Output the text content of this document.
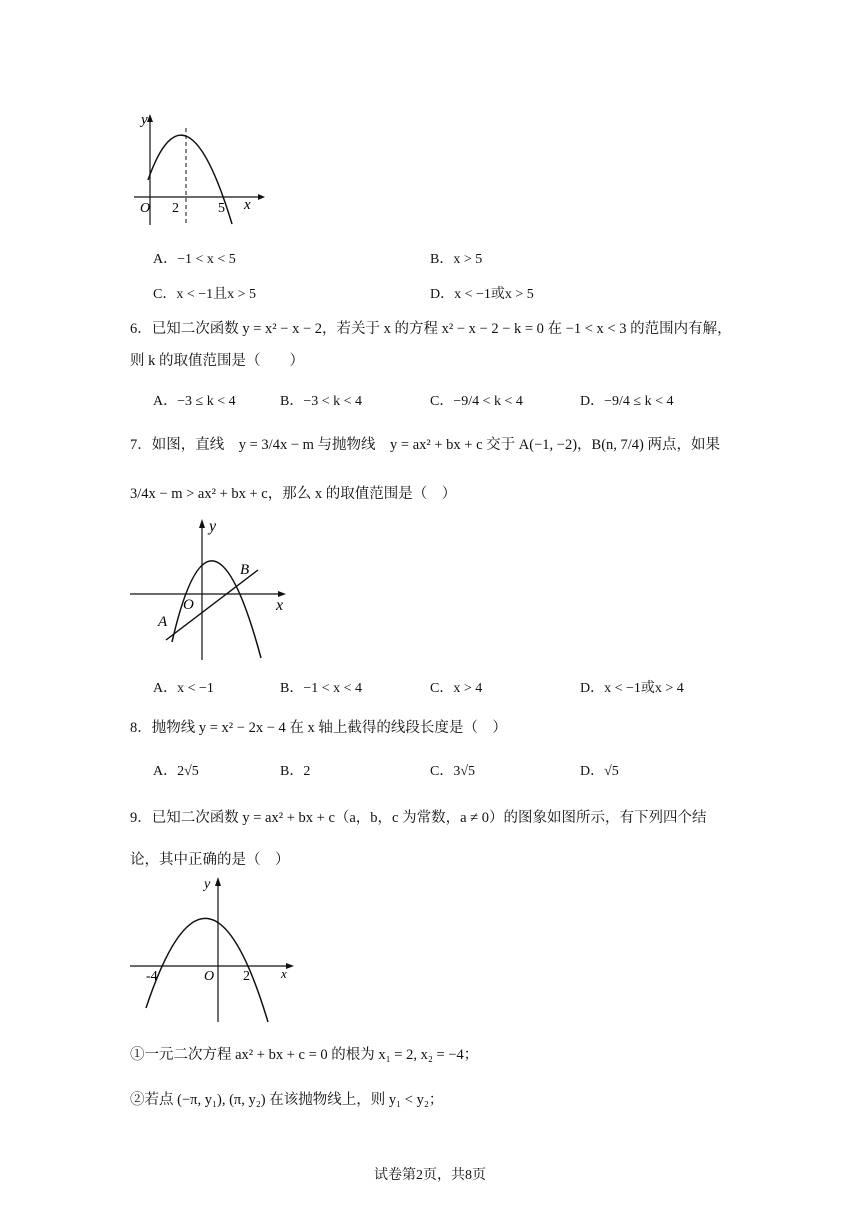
y
x
O 2	5
A．−1 < x < 5	B．x > 5
C．x < −1且x > 5	D．x < −1或x > 5
6．已知二次函数 y = x² − x − 2，若关于 x 的方程 x² − x − 2 − k = 0 在 −1 < x < 3 的范围内有解，
则 k 的取值范围是（　　）
A．−3 ≤ k < 4	B．−3 < k < 4	C．−9/4 < k < 4	D．−9/4 ≤ k < 4
7．如图，直线　y = 3/4x − m 与抛物线　y = ax² + bx + c 交于 A(−1, −2)，B(n, 7/4) 两点，如果
3/4x − m > ax² + bx + c，那么 x 的取值范围是（　）
y
x
O
A
B
A．x < −1	B．−1 < x < 4	C．x > 4	D．x < −1或x > 4
8．抛物线 y = x² − 2x − 4 在 x 轴上截得的线段长度是（　）
A．2√5	B．2	C．3√5	D．√5
9．已知二次函数 y = ax² + bx + c（a，b，c 为常数，a ≠ 0）的图象如图所示，有下列四个结
论，其中正确的是（　）
y
x
O
-4	2
①一元二次方程 ax² + bx + c = 0 的根为 x₁ = 2, x₂ = −4；
②若点 (−π, y₁), (π, y₂) 在该抛物线上，则 y₁ < y₂；
试卷第2页，共8页
